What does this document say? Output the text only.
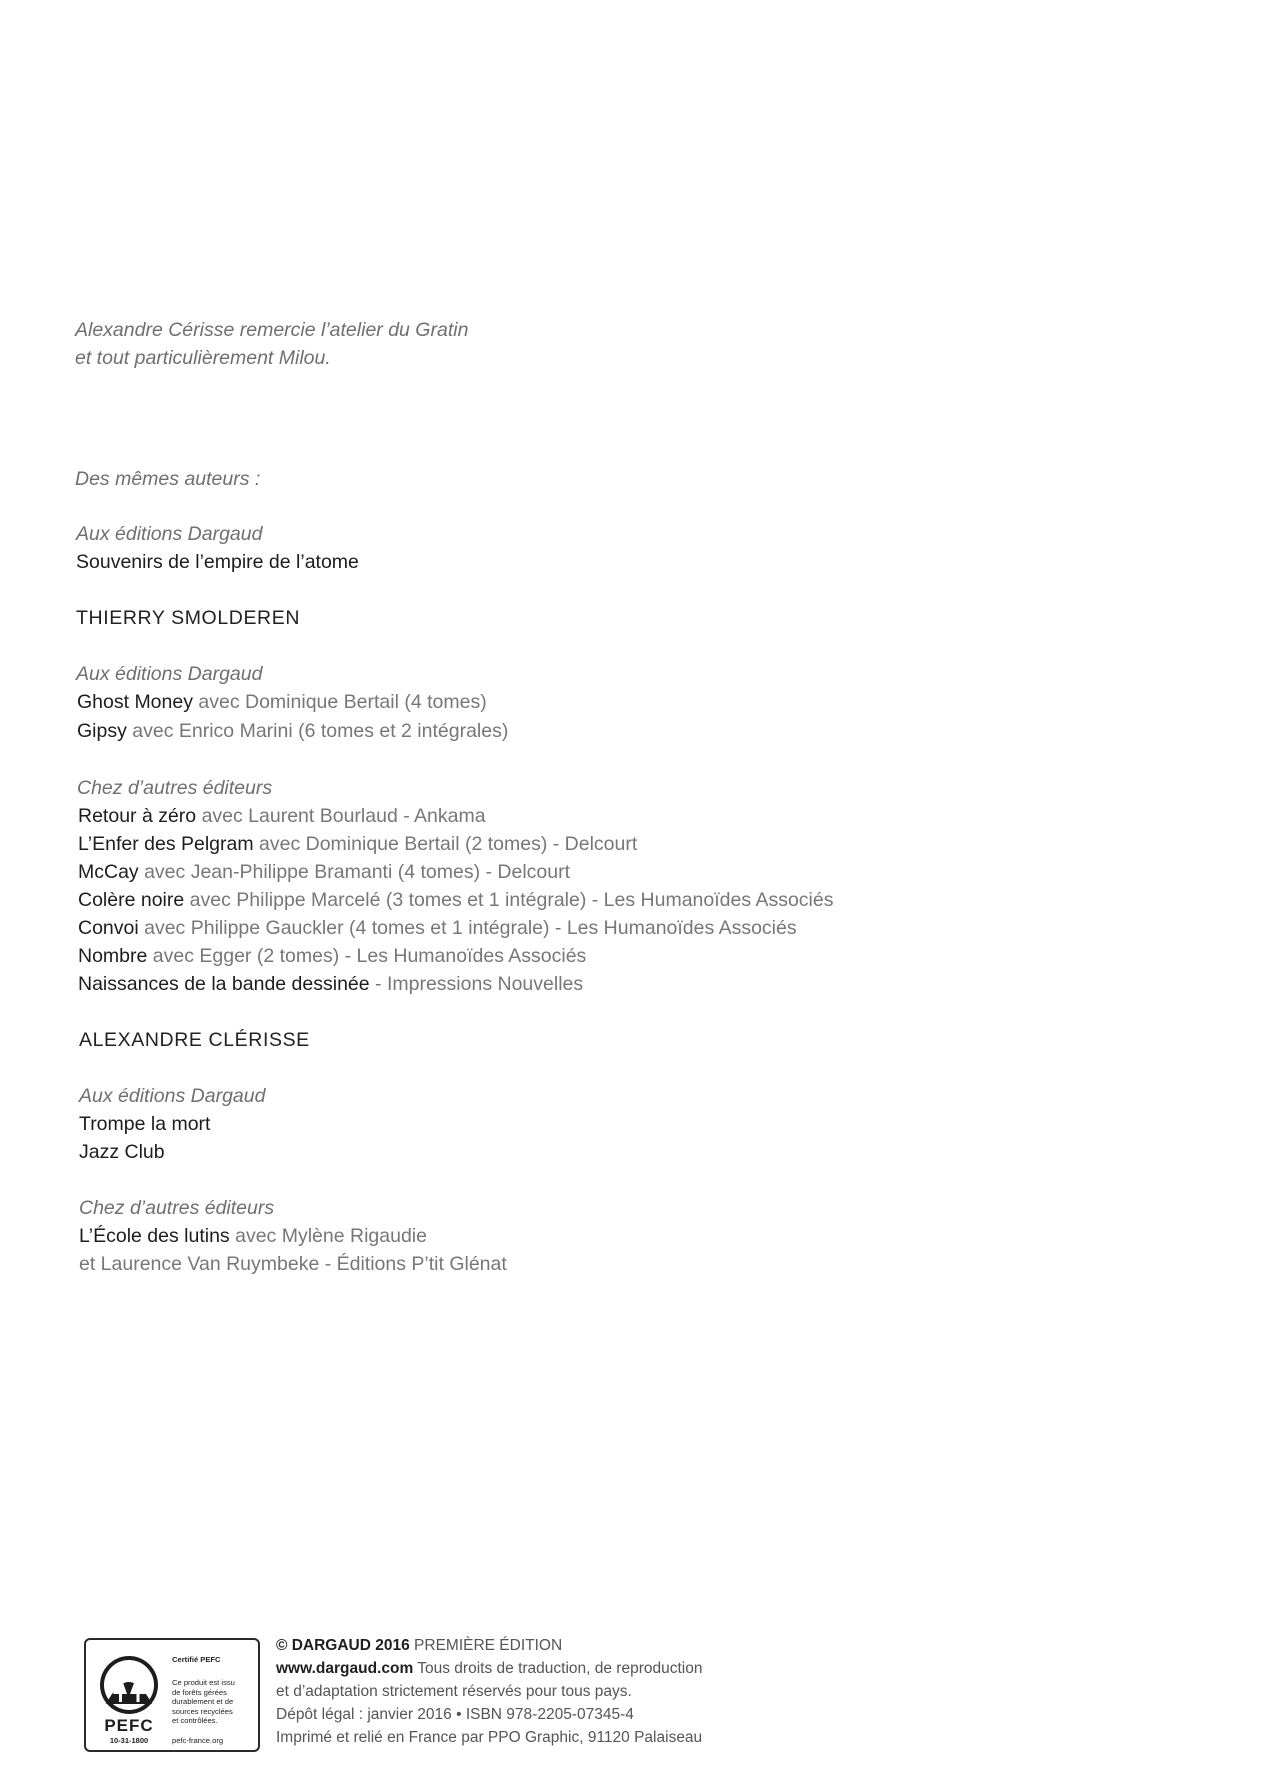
Alexandre Cérisse remercie l’atelier du Gratin
et tout particulièrement Milou.
Des mêmes auteurs :
Aux éditions Dargaud
Souvenirs de l’empire de l’atome
THIERRY SMOLDEREN
Aux éditions Dargaud
Ghost Money avec Dominique Bertail (4 tomes)
Gipsy avec Enrico Marini (6 tomes et 2 intégrales)
Chez d’autres éditeurs
Retour à zéro avec Laurent Bourlaud - Ankama
L’Enfer des Pelgram avec Dominique Bertail (2 tomes) - Delcourt
McCay avec Jean-Philippe Bramanti (4 tomes) - Delcourt
Colère noire avec Philippe Marcelé (3 tomes et 1 intégrale) - Les Humanoïdes Associés
Convoi avec Philippe Gauckler (4 tomes et 1 intégrale) - Les Humanoïdes Associés
Nombre avec Egger (2 tomes) - Les Humanoïdes Associés
Naissances de la bande dessinée - Impressions Nouvelles
ALEXANDRE CLÉRISSE
Aux éditions Dargaud
Trompe la mort
Jazz Club
Chez d’autres éditeurs
L’École des lutins avec Mylène Rigaudie
et Laurence Van Ruymbeke - Éditions P’tit Glénat
PEFC
10-31-1800
Certifié PEFC
Ce produit est issu
de forêts gérées
durablement et de
sources recyclées
et contrôlées.
pefc-france.org
© DARGAUD 2016 PREMIÈRE ÉDITION
www.dargaud.com Tous droits de traduction, de reproduction
et d’adaptation strictement réservés pour tous pays.
Dépôt légal : janvier 2016 • ISBN 978-2205-07345-4
Imprimé et relié en France par PPO Graphic, 91120 Palaiseau
